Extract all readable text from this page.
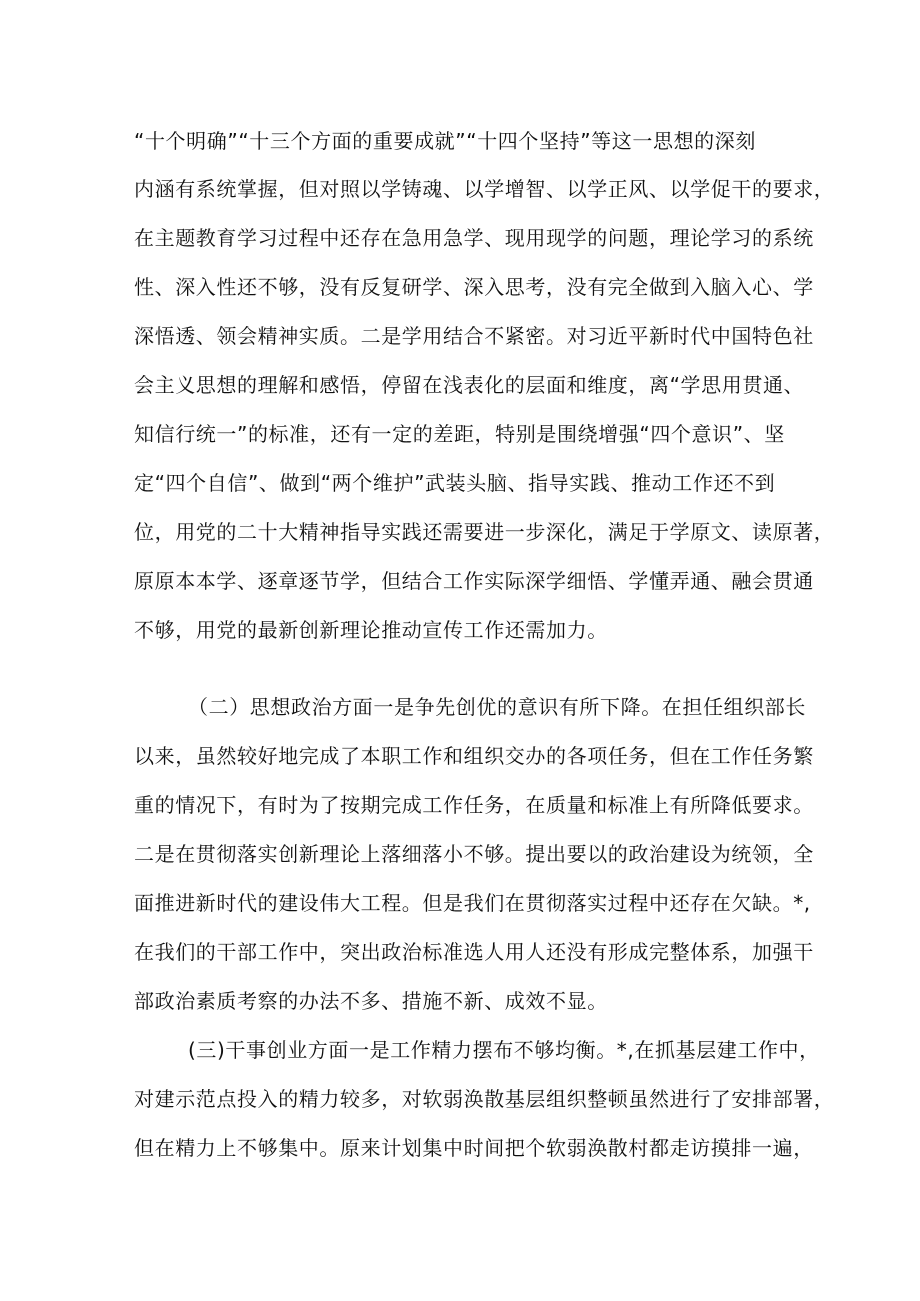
“十个明确”“十三个方面的重要成就”“十四个坚持”等这一思想的深刻
内涵有系统掌握，但对照以学铸魂、以学增智、以学正风、以学促干的要求，
在主题教育学习过程中还存在急用急学、现用现学的问题，理论学习的系统
性、深入性还不够，没有反复研学、深入思考，没有完全做到入脑入心、学
深悟透、领会精神实质。二是学用结合不紧密。对习近平新时代中国特色社
会主义思想的理解和感悟，停留在浅表化的层面和维度，离“学思用贯通、
知信行统一”的标准，还有一定的差距，特别是围绕增强“四个意识”、坚
定“四个自信”、做到“两个维护”武装头脑、指导实践、推动工作还不到
位，用党的二十大精神指导实践还需要进一步深化，满足于学原文、读原著，
原原本本学、逐章逐节学，但结合工作实际深学细悟、学懂弄通、融会贯通
不够，用党的最新创新理论推动宣传工作还需加力。
（二）思想政治方面一是争先创优的意识有所下降。在担任组织部长
以来，虽然较好地完成了本职工作和组织交办的各项任务，但在工作任务繁
重的情况下，有时为了按期完成工作任务，在质量和标准上有所降低要求。
二是在贯彻落实创新理论上落细落小不够。提出要以的政治建设为统领，全
面推进新时代的建设伟大工程。但是我们在贯彻落实过程中还存在欠缺。*,
在我们的干部工作中，突出政治标准选人用人还没有形成完整体系，加强干
部政治素质考察的办法不多、措施不新、成效不显。
(三)干事创业方面一是工作精力摆布不够均衡。*,在抓基层建工作中，
对建示范点投入的精力较多，对软弱涣散基层组织整顿虽然进行了安排部署，
但在精力上不够集中。原来计划集中时间把个软弱涣散村都走访摸排一遍，
